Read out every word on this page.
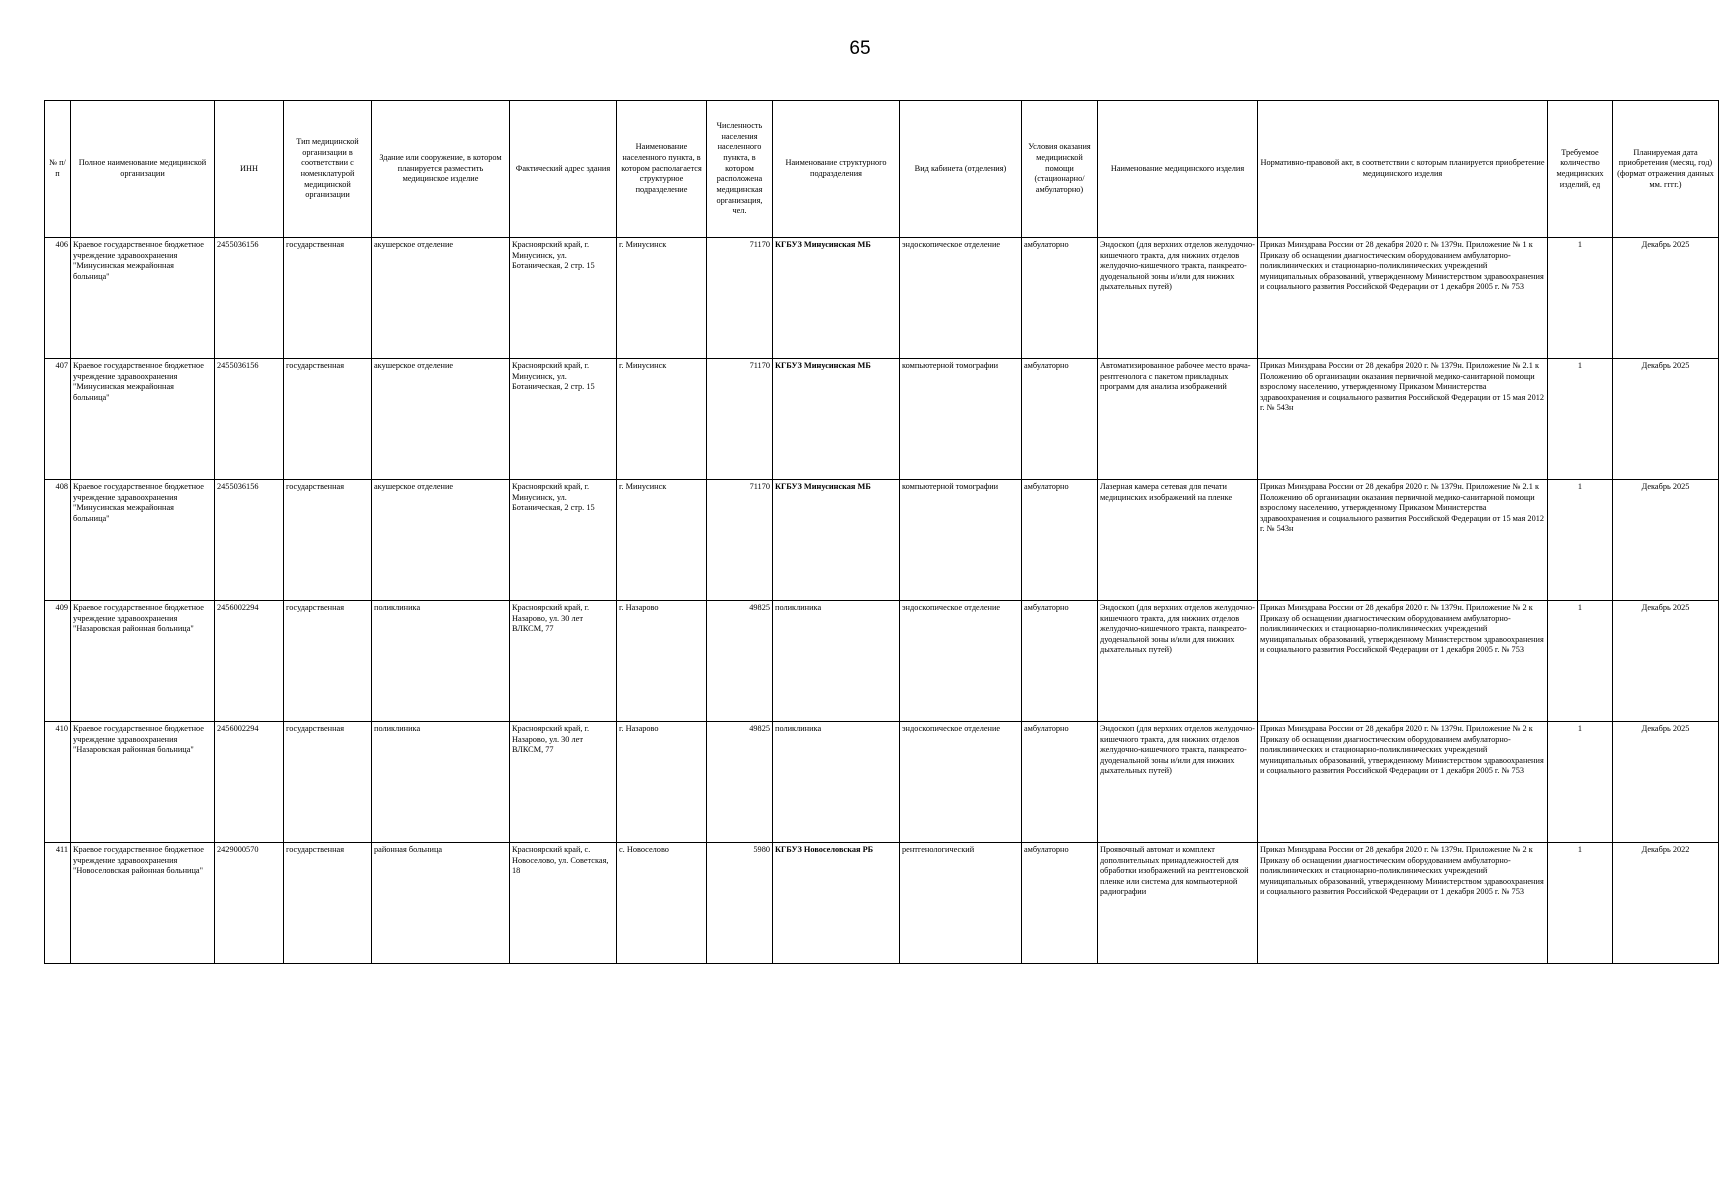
65
№ п/п	Полное наименование медицинской организации	ИНН	Тип медицинской организации в соответствии с номенклатурой медицинской организации	Здание или сооружение, в котором планируется разместить медицинское изделие	Фактический адрес здания	Наименование населенного пункта, в котором располагается структурное подразделение	Численность населения населенного пункта, в котором расположена медицинская организация, чел.	Наименование структурного подразделения	Вид кабинета (отделения)	Условия оказания медицинской помощи (стационарно/ амбулаторно)	Наименование медицинского изделия	Нормативно-правовой акт, в соответствии с которым планируется приобретение медицинского изделия	Требуемое количество медицинских изделий, ед	Планируемая дата приобретения (месяц, год) (формат отражения данных мм. гггг.)
406	Краевое государственное бюджетное учреждение здравоохранения "Минусинская межрайонная больница"	2455036156	государственная	акушерское отделение	Красноярский край, г. Минусинск, ул. Ботаническая, 2 стр. 15	г. Минусинск	71170	КГБУЗ Минусинская МБ	эндоскопическое отделение	амбулаторно	Эндоскоп (для верхних отделов желудочно-кишечного тракта, для нижних отделов желудочно-кишечного тракта, панкреато-дуоденальной зоны и/или для нижних дыхательных путей)	Приказ Минздрава России от 28 декабря 2020 г. № 1379н. Приложение № 1 к Приказу об оснащении диагностическим оборудованием амбулаторно-поликлинических и стационарно-поликлинических учреждений муниципальных образований, утвержденному Министерством здравоохранения и социального развития Российской Федерации от 1 декабря 2005 г. № 753	1	Декабрь 2025
407	Краевое государственное бюджетное учреждение здравоохранения "Минусинская межрайонная больница"	2455036156	государственная	акушерское отделение	Красноярский край, г. Минусинск, ул. Ботаническая, 2 стр. 15	г. Минусинск	71170	КГБУЗ Минусинская МБ	компьютерной томографии	амбулаторно	Автоматизированное рабочее место врача-рентгенолога с пакетом прикладных программ для анализа изображений	Приказ Минздрава России от 28 декабря 2020 г. № 1379н. Приложение № 2.1 к Положению об организации оказания первичной медико-санитарной помощи взрослому населению, утвержденному Приказом Министерства здравоохранения и социального развития Российской Федерации от 15 мая 2012 г. № 543н	1	Декабрь 2025
408	Краевое государственное бюджетное учреждение здравоохранения "Минусинская межрайонная больница"	2455036156	государственная	акушерское отделение	Красноярский край, г. Минусинск, ул. Ботаническая, 2 стр. 15	г. Минусинск	71170	КГБУЗ Минусинская МБ	компьютерной томографии	амбулаторно	Лазерная камера сетевая для печати медицинских изображений на пленке	Приказ Минздрава России от 28 декабря 2020 г. № 1379н. Приложение № 2.1 к Положению об организации оказания первичной медико-санитарной помощи взрослому населению, утвержденному Приказом Министерства здравоохранения и социального развития Российской Федерации от 15 мая 2012 г. № 543н	1	Декабрь 2025
409	Краевое государственное бюджетное учреждение здравоохранения "Назаровская районная больница"	2456002294	государственная	поликлиника	Красноярский край, г. Назарово, ул. 30 лет ВЛКСМ, 77	г. Назарово	49825	поликлиника	эндоскопическое отделение	амбулаторно	Эндоскоп (для верхних отделов желудочно-кишечного тракта, для нижних отделов желудочно-кишечного тракта, панкреато-дуоденальной зоны и/или для нижних дыхательных путей)	Приказ Минздрава России от 28 декабря 2020 г. № 1379н. Приложение № 2 к Приказу об оснащении диагностическим оборудованием амбулаторно-поликлинических и стационарно-поликлинических учреждений муниципальных образований, утвержденному Министерством здравоохранения и социального развития Российской Федерации от 1 декабря 2005 г. № 753	1	Декабрь 2025
410	Краевое государственное бюджетное учреждение здравоохранения "Назаровская районная больница"	2456002294	государственная	поликлиника	Красноярский край, г. Назарово, ул. 30 лет ВЛКСМ, 77	г. Назарово	49825	поликлиника	эндоскопическое отделение	амбулаторно	Эндоскоп (для верхних отделов желудочно-кишечного тракта, для нижних отделов желудочно-кишечного тракта, панкреато-дуоденальной зоны и/или для нижних дыхательных путей)	Приказ Минздрава России от 28 декабря 2020 г. № 1379н. Приложение № 2 к Приказу об оснащении диагностическим оборудованием амбулаторно-поликлинических и стационарно-поликлинических учреждений муниципальных образований, утвержденному Министерством здравоохранения и социального развития Российской Федерации от 1 декабря 2005 г. № 753	1	Декабрь 2025
411	Краевое государственное бюджетное учреждение здравоохранения "Новоселовская районная больница"	2429000570	государственная	районная больница	Красноярский край, с. Новоселово, ул. Советская, 18	с. Новоселово	5980	КГБУЗ Новоселовская РБ	рентгенологический	амбулаторно	Проявочный автомат и комплект дополнительных принадлежностей для обработки изображений на рентгеновской пленке или система для компьютерной радиографии	Приказ Минздрава России от 28 декабря 2020 г. № 1379н. Приложение № 2 к Приказу об оснащении диагностическим оборудованием амбулаторно-поликлинических и стационарно-поликлинических учреждений муниципальных образований, утвержденному Министерством здравоохранения и социального развития Российской Федерации от 1 декабря 2005 г. № 753	1	Декабрь 2022
